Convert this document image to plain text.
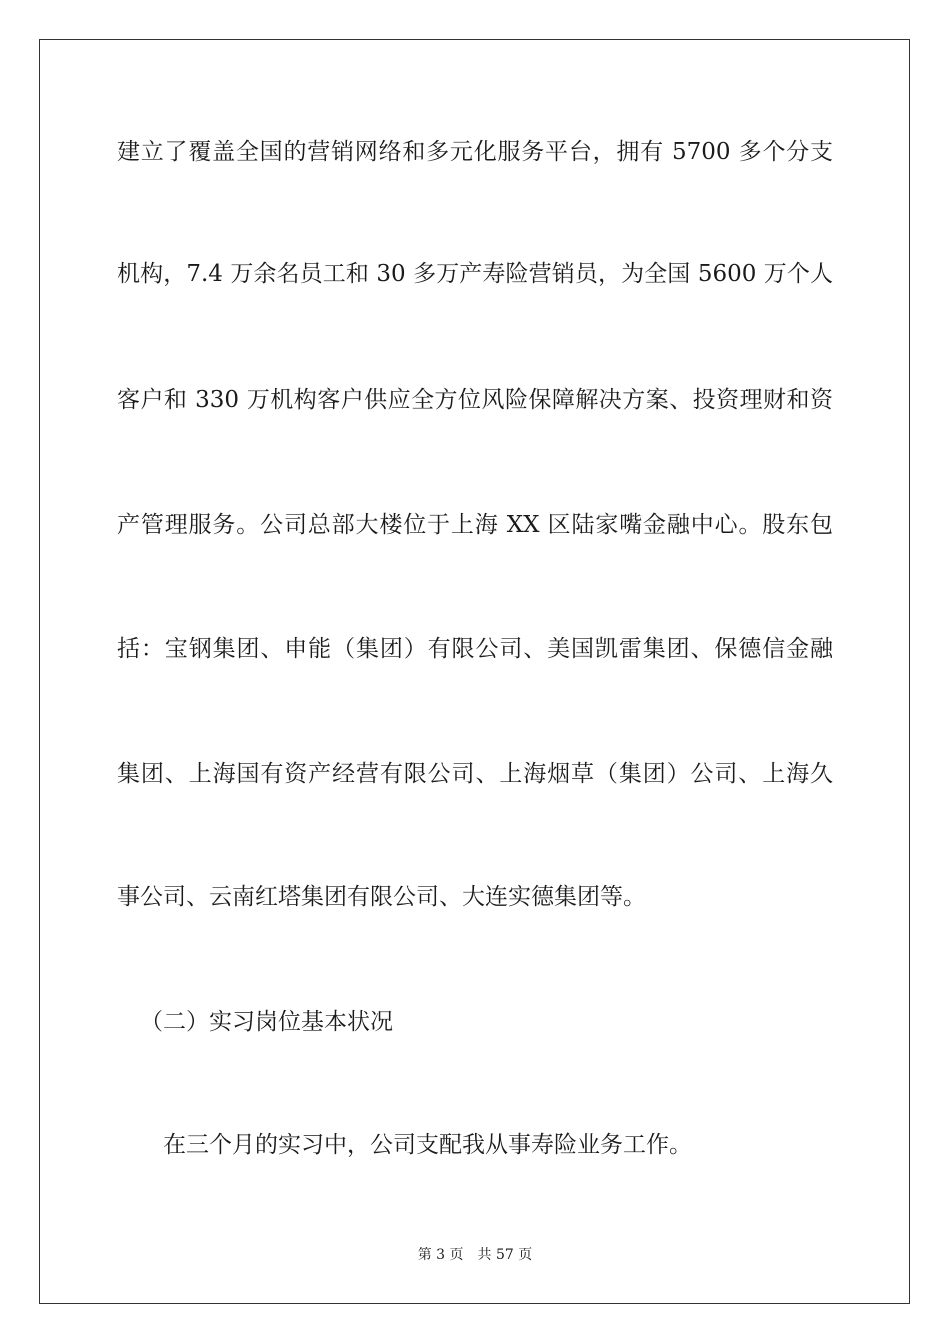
建立了覆盖全国的营销网络和多元化服务平台，拥有 5700 多个分支
机构，7.4 万余名员工和 30 多万产寿险营销员，为全国 5600 万个人
客户和 330 万机构客户供应全方位风险保障解决方案、投资理财和资
产管理服务。公司总部大楼位于上海 XX 区陆家嘴金融中心。股东包
括：宝钢集团、申能（集团）有限公司、美国凯雷集团、保德信金融
集团、上海国有资产经营有限公司、上海烟草（集团）公司、上海久
事公司、云南红塔集团有限公司、大连实德集团等。
（二）实习岗位基本状况
在三个月的实习中，公司支配我从事寿险业务工作。
第 3 页　共 57 页
